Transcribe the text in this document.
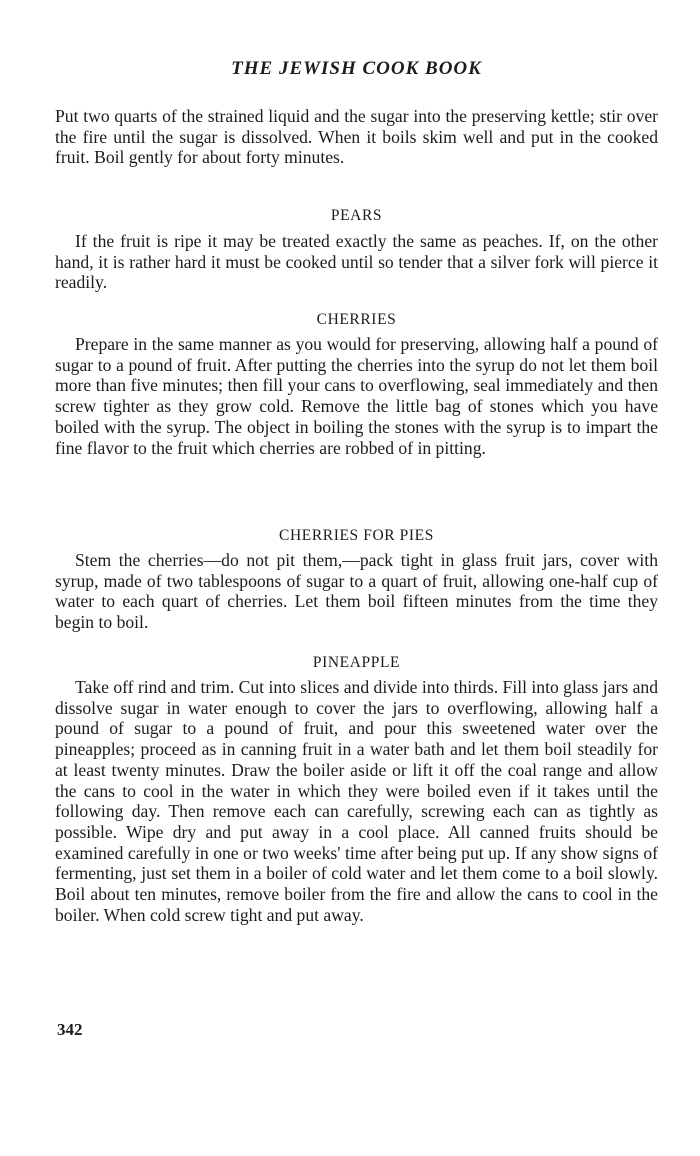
THE JEWISH COOK BOOK
Put two quarts of the strained liquid and the sugar into the preserving kettle; stir over the fire until the sugar is dissolved. When it boils skim well and put in the cooked fruit. Boil gently for about forty minutes.
PEARS
If the fruit is ripe it may be treated exactly the same as peaches. If, on the other hand, it is rather hard it must be cooked until so tender that a silver fork will pierce it readily.
CHERRIES
Prepare in the same manner as you would for preserving, allowing half a pound of sugar to a pound of fruit. After putting the cherries into the syrup do not let them boil more than five minutes; then fill your cans to overflowing, seal immediately and then screw tighter as they grow cold. Remove the little bag of stones which you have boiled with the syrup. The object in boiling the stones with the syrup is to impart the fine flavor to the fruit which cherries are robbed of in pitting.
CHERRIES FOR PIES
Stem the cherries—do not pit them,—pack tight in glass fruit jars, cover with syrup, made of two tablespoons of sugar to a quart of fruit, allowing one-half cup of water to each quart of cherries. Let them boil fifteen minutes from the time they begin to boil.
PINEAPPLE
Take off rind and trim. Cut into slices and divide into thirds. Fill into glass jars and dissolve sugar in water enough to cover the jars to overflowing, allowing half a pound of sugar to a pound of fruit, and pour this sweetened water over the pineapples; proceed as in canning fruit in a water bath and let them boil steadily for at least twenty minutes. Draw the boiler aside or lift it off the coal range and allow the cans to cool in the water in which they were boiled even if it takes until the following day. Then remove each can carefully, screwing each can as tightly as possible. Wipe dry and put away in a cool place. All canned fruits should be examined carefully in one or two weeks' time after being put up. If any show signs of fermenting, just set them in a boiler of cold water and let them come to a boil slowly. Boil about ten minutes, remove boiler from the fire and allow the cans to cool in the boiler. When cold screw tight and put away.
342
